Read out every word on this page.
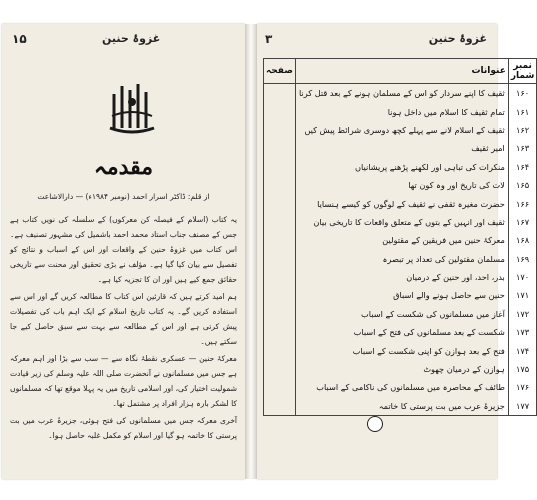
۱۵	غزوۂ حنین
مقدمہ
از قلم: ڈاکٹر اسرار احمد (نومبر ۱۹۸۴ء) — دارالاشاعت

یہ کتاب (اسلام کے فیصلہ کن معرکوں) کے سلسلہ کی نویں کتاب ہے جس کے مصنف جناب استاد محمد احمد باشمیل کی مشہور تصنیف ہے۔ اس کتاب میں غزوۂ حنین کے واقعات اور اس کے اسباب و نتائج کو تفصیل سے بیان کیا گیا ہے۔ مؤلف نے بڑی تحقیق اور محنت سے تاریخی حقائق جمع کیے ہیں اور ان کا تجزیہ کیا ہے۔

ہم امید کرتے ہیں کہ قارئین اس کتاب کا مطالعہ کریں گے اور اس سے استفادہ کریں گے۔ یہ کتاب تاریخ اسلام کے ایک اہم باب کی تفصیلات پیش کرتی ہے اور اس کے مطالعہ سے بہت سے سبق حاصل کیے جا سکتے ہیں۔

معرکۂ حنین — عسکری نقطۂ نگاہ سے — سب سے بڑا اور اہم معرکہ ہے جس میں مسلمانوں نے آنحضرت صلی اللہ علیہ وسلم کی زیر قیادت شمولیت اختیار کی، اور اسلامی تاریخ میں یہ پہلا موقع تھا کہ مسلمانوں کا لشکر بارہ ہزار افراد پر مشتمل تھا۔

آخری معرکہ جس میں مسلمانوں کی فتح ہوئی، جزیرۂ عرب میں بت پرستی کا خاتمہ ہو گیا اور اسلام کو مکمل غلبہ حاصل ہوا۔

۳	غزوۂ حنین
نمبر شمار	عنوانات	صفحہ
۱۶۰	ثقیف کا اپنے سردار کو اس کے مسلمان ہونے کے بعد قتل کرنا	
۱۶۱	تمام ثقیف کا اسلام میں داخل ہونا	
۱۶۲	ثقیف کے اسلام لانے سے پہلے کچھ دوسری شرائط پیش کیں	
۱۶۳	امیر ثقیف	
۱۶۴	منکرات کی تباہی اور لکھنے پڑھنے پریشانیاں	
۱۶۵	لات کی تاریخ اور وہ کون تھا	
۱۶۶	حضرت مغیرہ ثقفی نے ثقیف کے لوگوں کو کیسے ہنسایا	
۱۶۷	ثقیف اور انہیں کے بتوں کے متعلق واقعات کا تاریخی بیان	
۱۶۸	معرکۂ حنین میں فریقین کے مقتولین	
۱۶۹	مسلمان مقتولین کی تعداد پر تبصرہ	
۱۷۰	بدر، احد، اور حنین کے درمیان	
۱۷۱	حنین سے حاصل ہونے والے اسباق	
۱۷۲	آغاز میں مسلمانوں کی شکست کے اسباب	
۱۷۳	شکست کے بعد مسلمانوں کی فتح کے اسباب	
۱۷۴	فتح کے بعد ہوازن کو اپنی شکست کے اسباب	
۱۷۵	ہوازن کے درمیان چھوٹ	
۱۷۶	طائف کے محاصرہ میں مسلمانوں کی ناکامی کے اسباب	
۱۷۷	جزیرۂ عرب میں بت پرستی کا خاتمہ	
